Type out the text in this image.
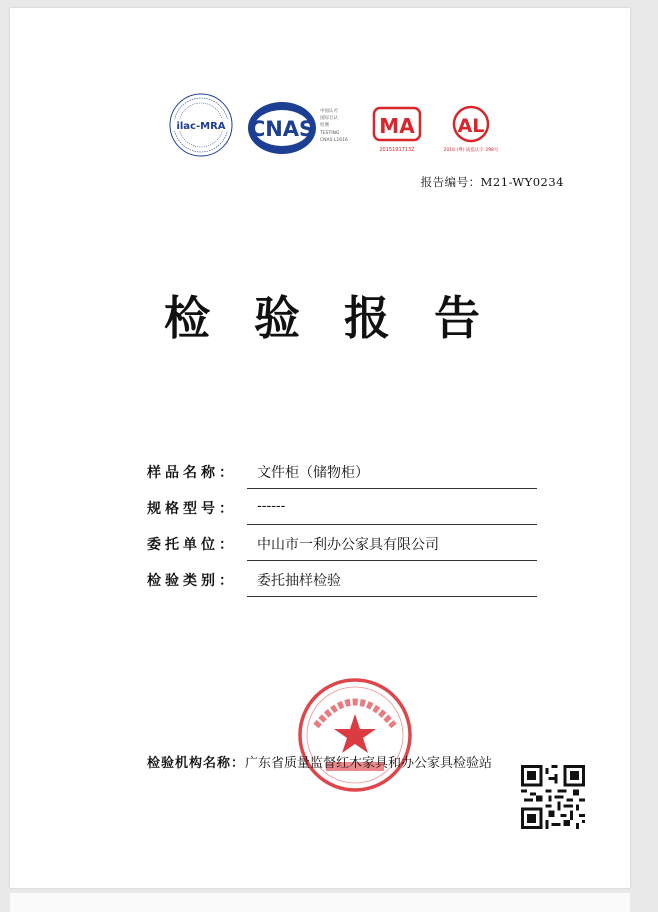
ilac-MRA CNAS
中国认可
国际互认
检测
TESTING
CNAS L1616
MA
2015191713Z
AL
2018 (粤) 质监认字 298号
报告编号：M21-WY0234
检 验 报 告
样品名称：	文件柜（储物柜）
规格型号：	------
委托单位：	中山市一利办公家具有限公司
检验类别：	委托抽样检验
检验机构名称：广东省质量监督红木家具和办公家具检验站
